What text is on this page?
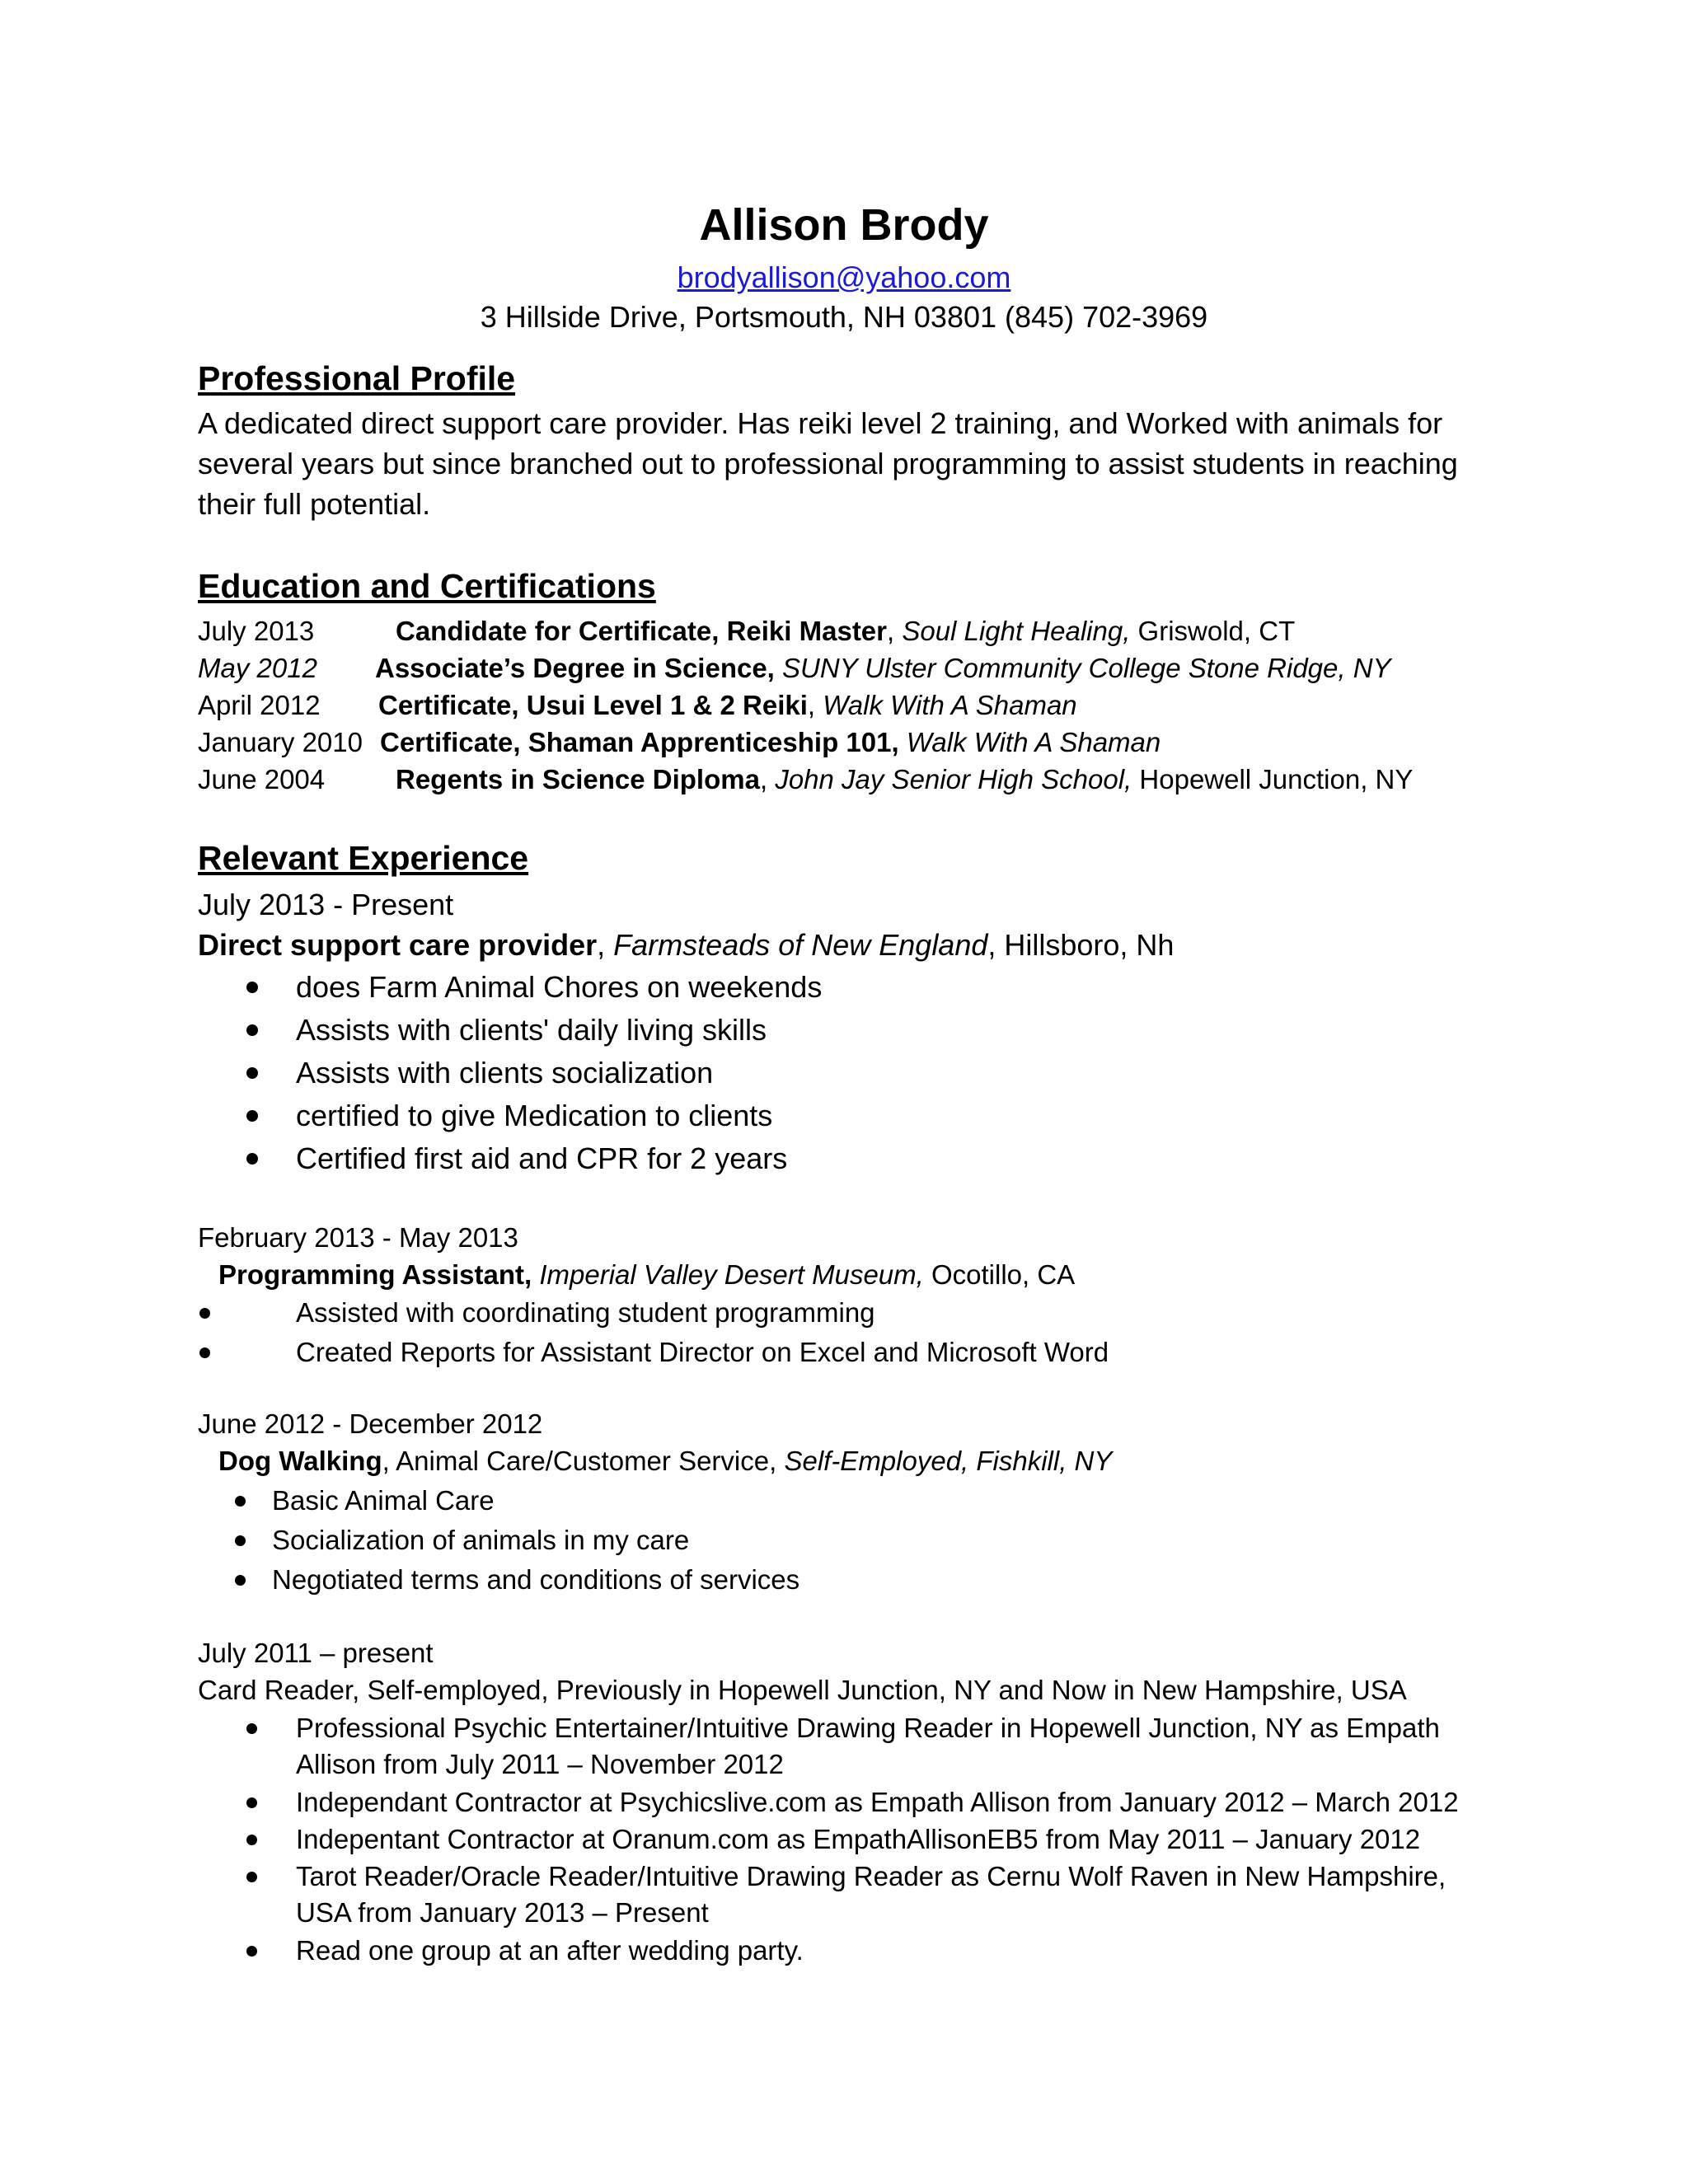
Allison Brody
brodyallison@yahoo.com
3 Hillside Drive, Portsmouth, NH 03801 (845) 702-3969
Professional Profile
A dedicated direct support care provider. Has reiki level 2 training, and Worked with animals for several years but since branched out to professional programming to assist students in reaching their full potential.
Education and Certifications
July 2013	Candidate for Certificate, Reiki Master, Soul Light Healing, Griswold, CT
May 2012 Associate’s Degree in Science, SUNY Ulster Community College Stone Ridge, NY
April 2012 Certificate, Usui Level 1 & 2 Reiki, Walk With A Shaman
January 2010 Certificate, Shaman Apprenticeship 101, Walk With A Shaman
June 2004	Regents in Science Diploma, John Jay Senior High School, Hopewell Junction, NY
Relevant Experience
July 2013 - Present
Direct support care provider, Farmsteads of New England, Hillsboro, Nh
does Farm Animal Chores on weekends
Assists with clients' daily living skills
Assists with clients socialization
certified to give Medication to clients
Certified first aid and CPR for 2 years
February 2013 - May 2013
Programming Assistant, Imperial Valley Desert Museum, Ocotillo, CA
Assisted with coordinating student programming
Created Reports for Assistant Director on Excel and Microsoft Word
June 2012 - December 2012
Dog Walking, Animal Care/Customer Service, Self-Employed, Fishkill, NY
Basic Animal Care
Socialization of animals in my care
Negotiated terms and conditions of services
July 2011 – present
Card Reader, Self-employed, Previously in Hopewell Junction, NY and Now in New Hampshire, USA
Professional Psychic Entertainer/Intuitive Drawing Reader in Hopewell Junction, NY as Empath
Allison from July 2011 – November 2012
Independant Contractor at Psychicslive.com as Empath Allison from January 2012 – March 2012
Indepentant Contractor at Oranum.com as EmpathAllisonEB5 from May 2011 – January 2012
Tarot Reader/Oracle Reader/Intuitive Drawing Reader as Cernu Wolf Raven in New Hampshire,
USA from January 2013 – Present
Read one group at an after wedding party.
